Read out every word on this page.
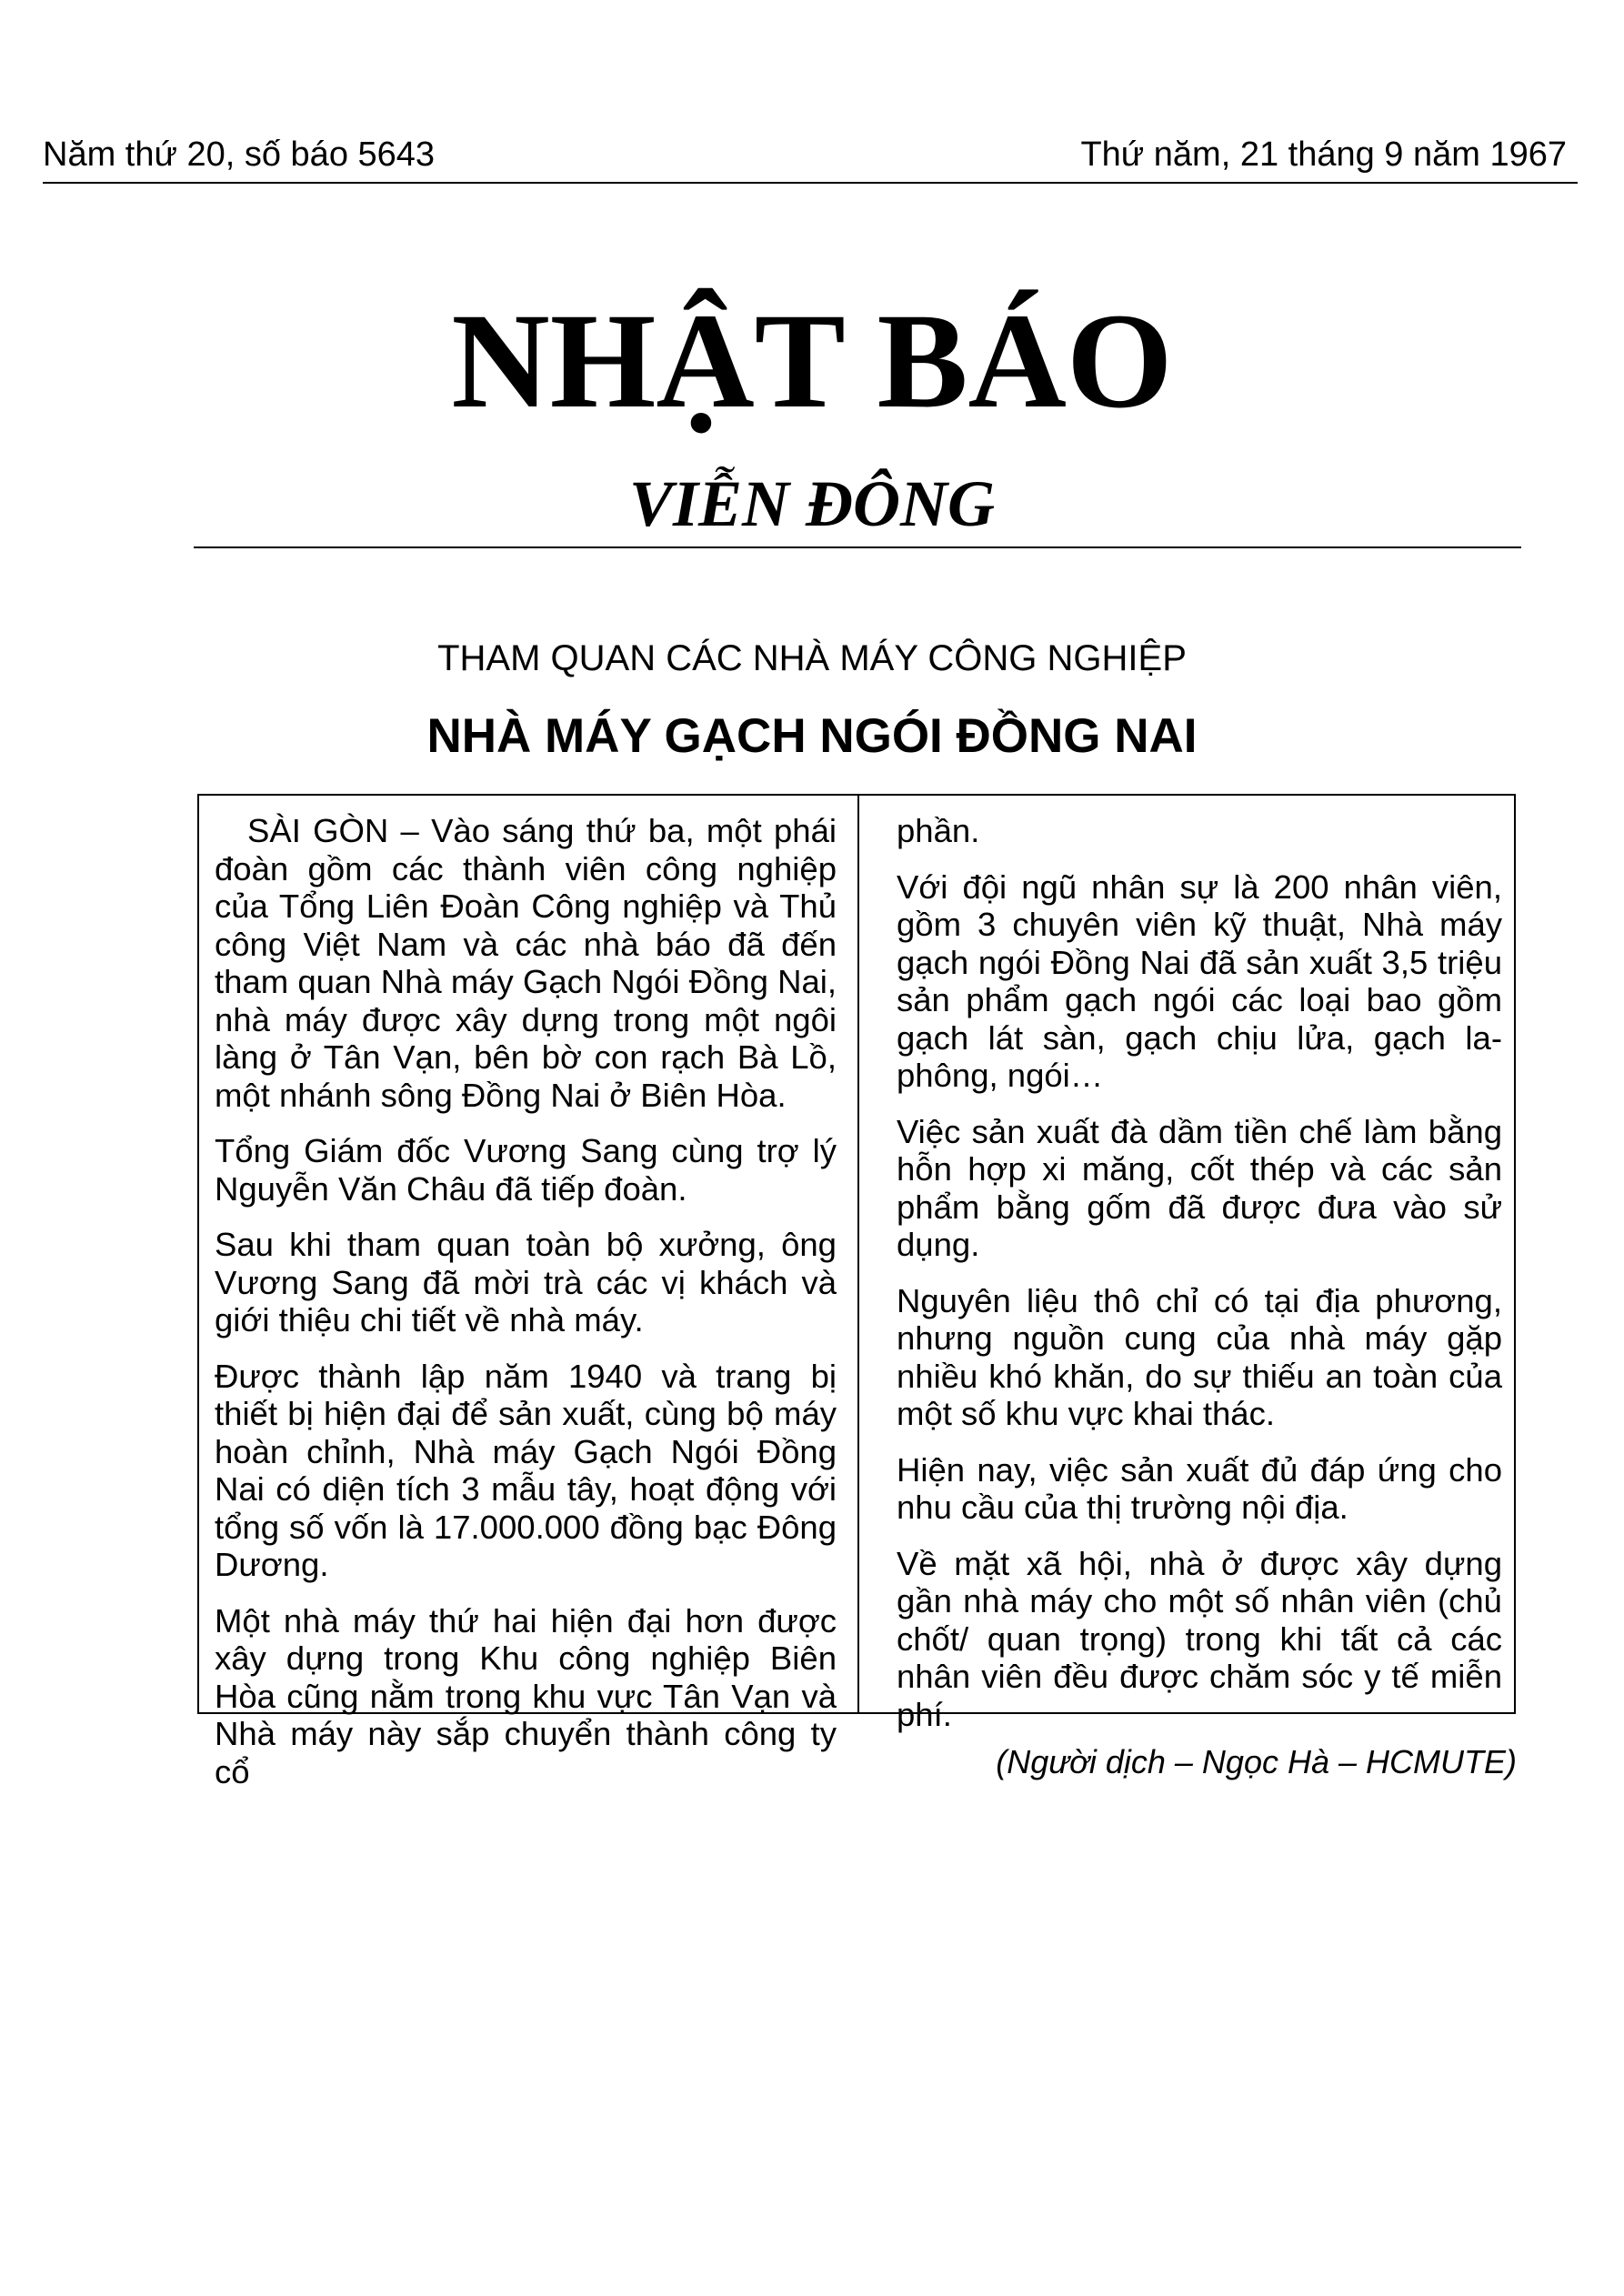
Năm thứ 20, số báo 5643	Thứ năm, 21 tháng 9 năm 1967
NHẬT BÁO
VIỄN ĐÔNG
THAM QUAN CÁC NHÀ MÁY CÔNG NGHIỆP
NHÀ MÁY GẠCH NGÓI ĐỒNG NAI

SÀI GÒN – Vào sáng thứ ba, một phái đoàn gồm các thành viên công nghiệp của Tổng Liên Đoàn Công nghiệp và Thủ công Việt Nam và các nhà báo đã đến tham quan Nhà máy Gạch Ngói Đồng Nai, nhà máy được xây dựng trong một ngôi làng ở Tân Vạn, bên bờ con rạch Bà Lồ, một nhánh sông Đồng Nai ở Biên Hòa.

Tổng Giám đốc Vương Sang cùng trợ lý Nguyễn Văn Châu đã tiếp đoàn.

Sau khi tham quan toàn bộ xưởng, ông Vương Sang đã mời trà các vị khách và giới thiệu chi tiết về nhà máy.

Được thành lập năm 1940 và trang bị thiết bị hiện đại để sản xuất, cùng bộ máy hoàn chỉnh, Nhà máy Gạch Ngói Đồng Nai có diện tích 3 mẫu tây, hoạt động với tổng số vốn là 17.000.000 đồng bạc Đông Dương.

Một nhà máy thứ hai hiện đại hơn được xây dựng trong Khu công nghiệp Biên Hòa cũng nằm trong khu vực Tân Vạn và Nhà máy này sắp chuyển thành công ty cổ

phần.

Với đội ngũ nhân sự là 200 nhân viên, gồm 3 chuyên viên kỹ thuật, Nhà máy gạch ngói Đồng Nai đã sản xuất 3,5 triệu sản phẩm gạch ngói các loại bao gồm gạch lát sàn, gạch chịu lửa, gạch la-phông, ngói…

Việc sản xuất đà dầm tiền chế làm bằng hỗn hợp xi măng, cốt thép và các sản phẩm bằng gốm đã được đưa vào sử dụng.

Nguyên liệu thô chỉ có tại địa phương, nhưng nguồn cung của nhà máy gặp nhiều khó khăn, do sự thiếu an toàn của một số khu vực khai thác.

Hiện nay, việc sản xuất đủ đáp ứng cho nhu cầu của thị trường nội địa.

Về mặt xã hội, nhà ở được xây dựng gần nhà máy cho một số nhân viên (chủ chốt/ quan trọng) trong khi tất cả các nhân viên đều được chăm sóc y tế miễn phí.

(Người dịch – Ngọc Hà – HCMUTE)
